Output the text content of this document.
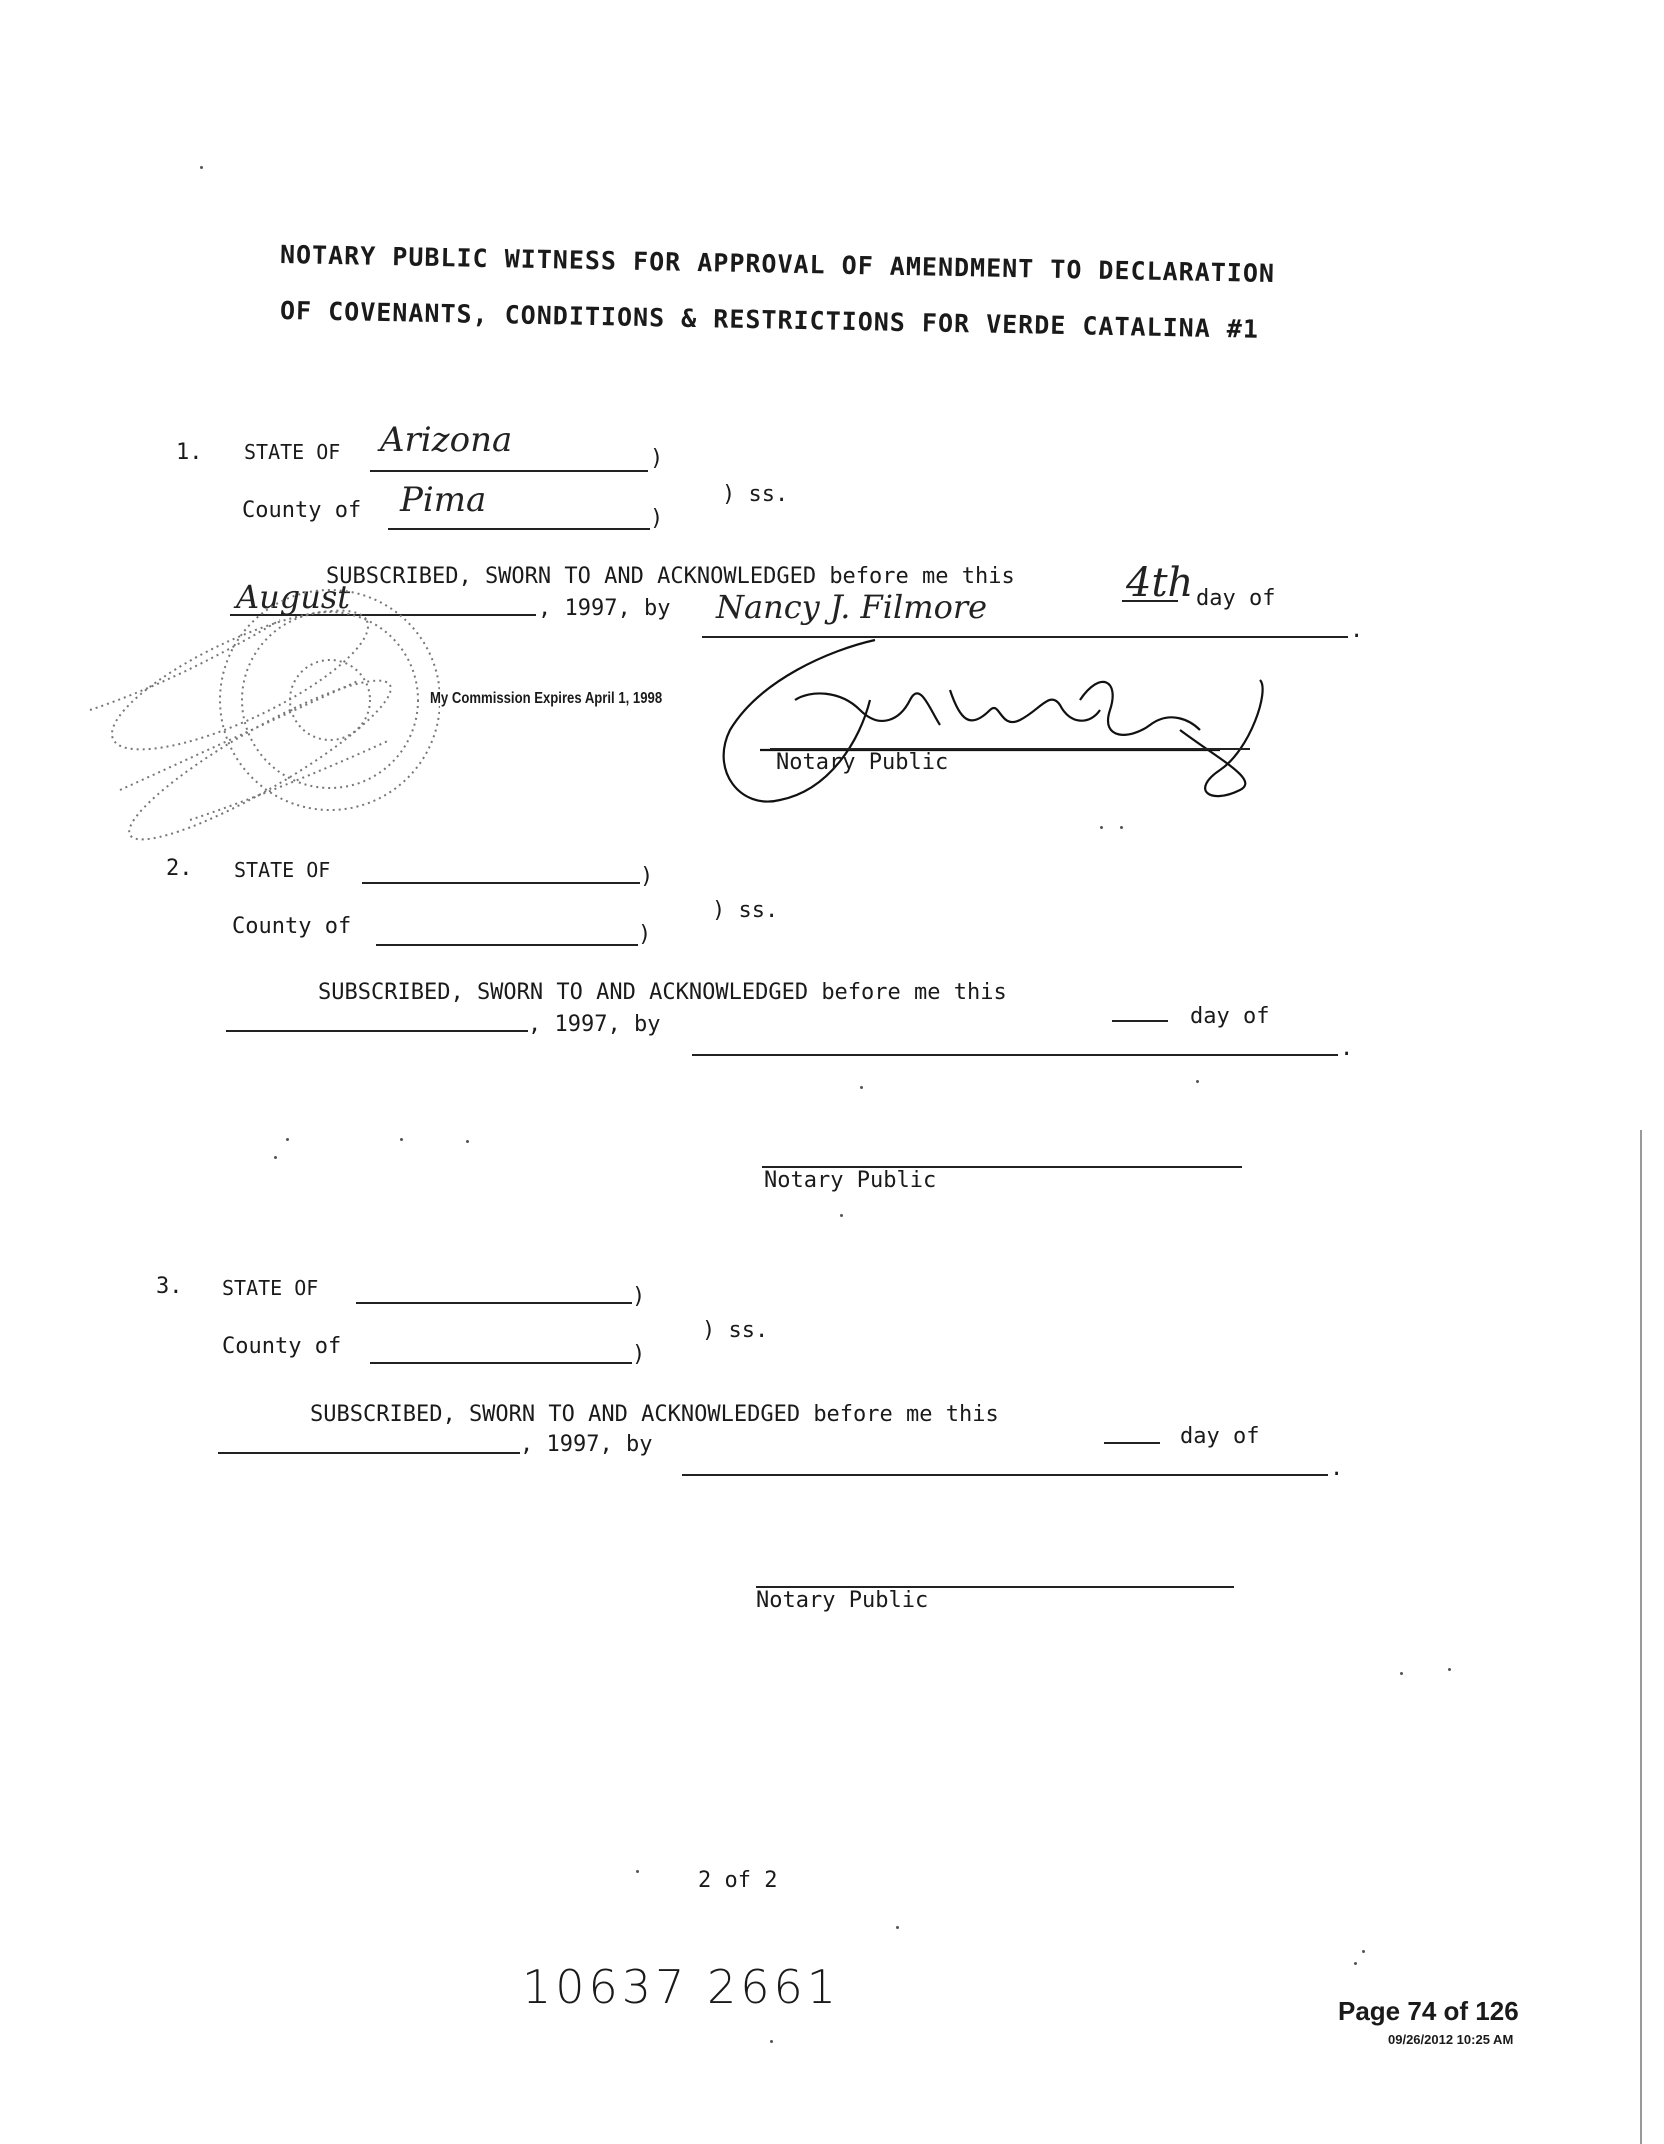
NOTARY PUBLIC WITNESS FOR APPROVAL OF AMENDMENT TO DECLARATION
OF COVENANTS, CONDITIONS & RESTRICTIONS FOR VERDE CATALINA #1
1. STATE OF Arizona	)
County of Pima	)
) ss.
SUBSCRIBED, SWORN TO AND ACKNOWLEDGED before me this	4th day of
August	, 1997, by Nancy J. Filmore
.
My Commission Expires April 1, 1998
Notary Public
2. STATE OF	)
County of	)
) ss.
SUBSCRIBED, SWORN TO AND ACKNOWLEDGED before me this
day of
, 1997, by
.
Notary Public
3. STATE OF	)
County of	)
) ss.
SUBSCRIBED, SWORN TO AND ACKNOWLEDGED before me this
day of
, 1997, by
.
Notary Public
2 of 2
10637 2661	Page 74 of 126
09/26/2012 10:25 AM
